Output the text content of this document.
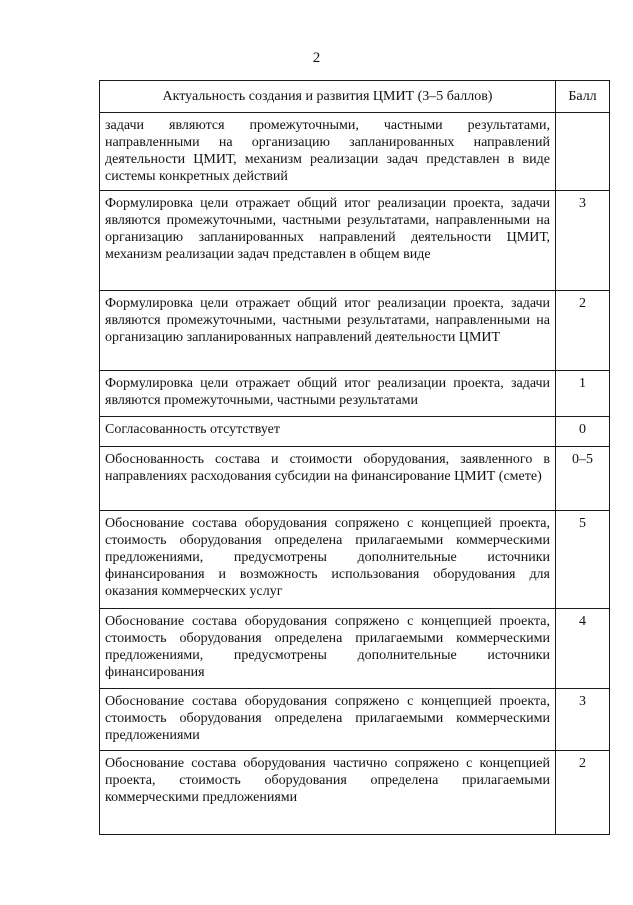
2
Актуальность создания и развития ЦМИТ (3–5 баллов)	Балл
задачи являются промежуточными, частными результатами, направленными на организацию запланированных направлений деятельности ЦМИТ, механизм реализации задач представлен в виде системы конкретных действий	
Формулировка цели отражает общий итог реализации проекта, задачи являются промежуточными, частными результатами, направленными на организацию запланированных направлений деятельности ЦМИТ, механизм реализации задач представлен в общем виде	3
Формулировка цели отражает общий итог реализации проекта, задачи являются промежуточными, частными результатами, направленными на организацию запланированных направлений деятельности ЦМИТ	2
Формулировка цели отражает общий итог реализации проекта, задачи являются промежуточными, частными результатами	1
Согласованность отсутствует	0
Обоснованность состава и стоимости оборудования, заявленного в направлениях расходования субсидии на финансирование ЦМИТ (смете)	0–5
Обоснование состава оборудования сопряжено с концепцией проекта, стоимость оборудования определена прилагаемыми коммерческими предложениями, предусмотрены дополнительные источники финансирования и возможность использования оборудования для оказания коммерческих услуг	5
Обоснование состава оборудования сопряжено с концепцией проекта, стоимость оборудования определена прилагаемыми коммерческими предложениями, предусмотрены дополнительные источники финансирования	4
Обоснование состава оборудования сопряжено с концепцией проекта, стоимость оборудования определена прилагаемыми коммерческими предложениями	3
Обоснование состава оборудования частично сопряжено с концепцией проекта, стоимость оборудования определена прилагаемыми коммерческими предложениями	2
